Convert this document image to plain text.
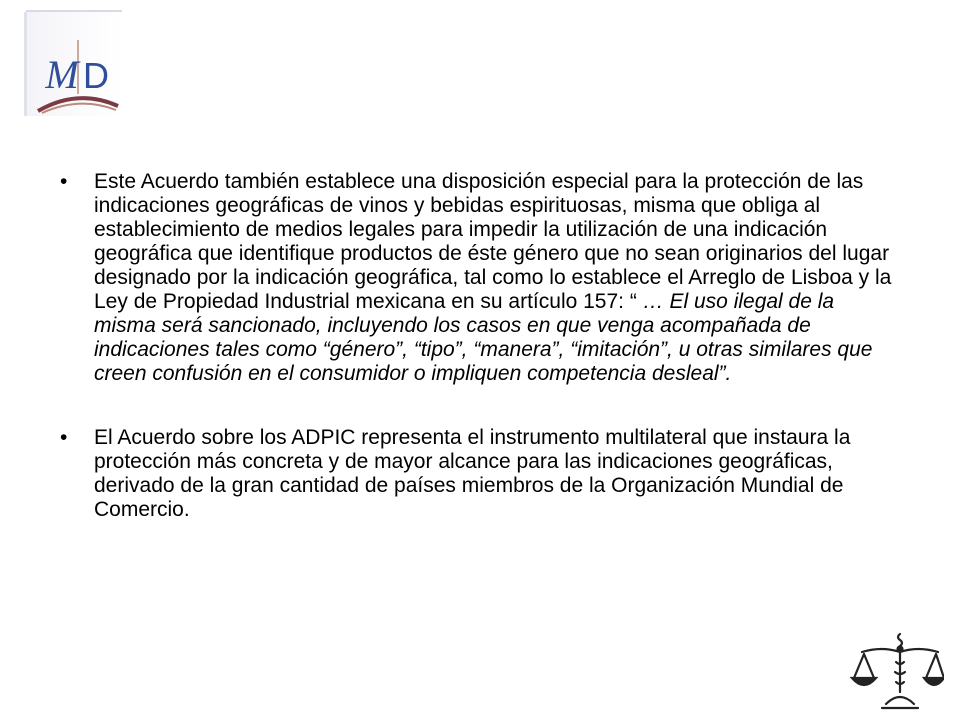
M D
•	Este Acuerdo también establece una disposición especial para la protección de las indicaciones geográficas de vinos y bebidas espirituosas, misma que obliga al establecimiento de medios legales para impedir la utilización de una indicación geográfica que identifique productos de éste género que no sean originarios del lugar designado por la indicación geográfica, tal como lo establece el Arreglo de Lisboa y la Ley de Propiedad Industrial mexicana en su artículo 157: “ … El uso ilegal de la misma será sancionado, incluyendo los casos en que venga acompañada de indicaciones tales como “género”, “tipo”, “manera”, “imitación”, u otras similares que creen confusión en el consumidor o impliquen competencia desleal”.
•	El Acuerdo sobre los ADPIC representa el instrumento multilateral que instaura la protección más concreta y de mayor alcance para las indicaciones geográficas, derivado de la gran cantidad de países miembros de la Organización Mundial de Comercio.
